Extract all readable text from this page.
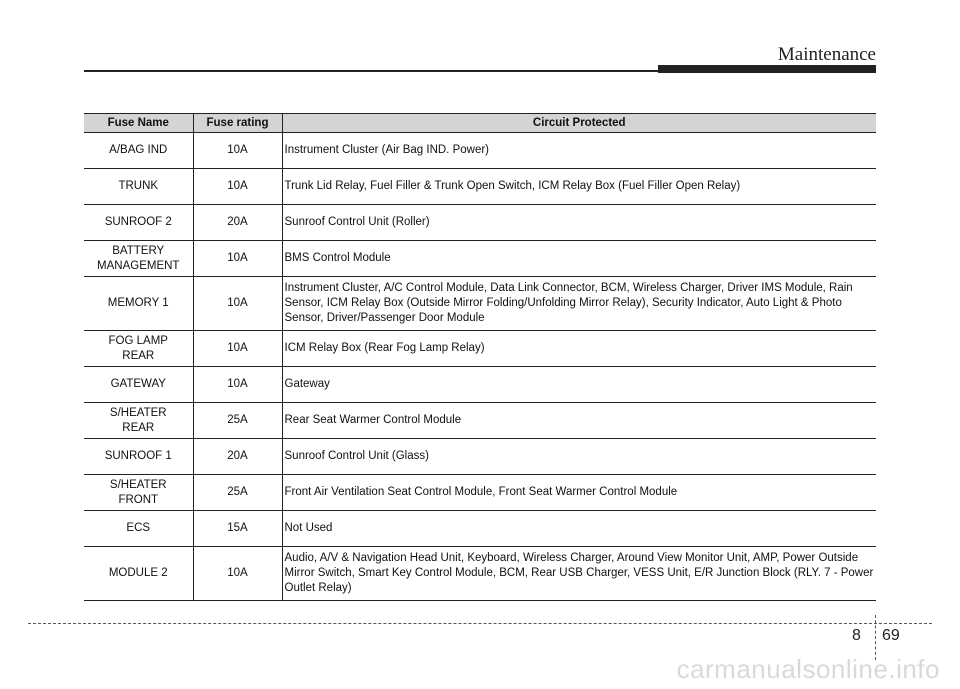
Maintenance
Fuse Name	Fuse rating	Circuit Protected
A/BAG IND	10A	Instrument Cluster (Air Bag IND. Power)
TRUNK	10A	Trunk Lid Relay, Fuel Filler & Trunk Open Switch, ICM Relay Box (Fuel Filler Open Relay)
SUNROOF 2	20A	Sunroof Control Unit (Roller)
BATTERY
MANAGEMENT	10A	BMS Control Module
MEMORY 1	10A	Instrument Cluster, A/C Control Module, Data Link Connector, BCM, Wireless Charger, Driver IMS Module, Rain Sensor, ICM Relay Box (Outside Mirror Folding/Unfolding Mirror Relay), Security Indicator, Auto Light & Photo Sensor, Driver/Passenger Door Module
FOG LAMP
REAR	10A	ICM Relay Box (Rear Fog Lamp Relay)
GATEWAY	10A	Gateway
S/HEATER
REAR	25A	Rear Seat Warmer Control Module
SUNROOF 1	20A	Sunroof Control Unit (Glass)
S/HEATER
FRONT	25A	Front Air Ventilation Seat Control Module, Front Seat Warmer Control Module
ECS	15A	Not Used
MODULE 2	10A	Audio, A/V & Navigation Head Unit, Keyboard, Wireless Charger, Around View Monitor Unit, AMP, Power Outside Mirror Switch, Smart Key Control Module, BCM, Rear USB Charger, VESS Unit, E/R Junction Block (RLY. 7 - Power Outlet Relay)
8 69
carmanualsonline.info
